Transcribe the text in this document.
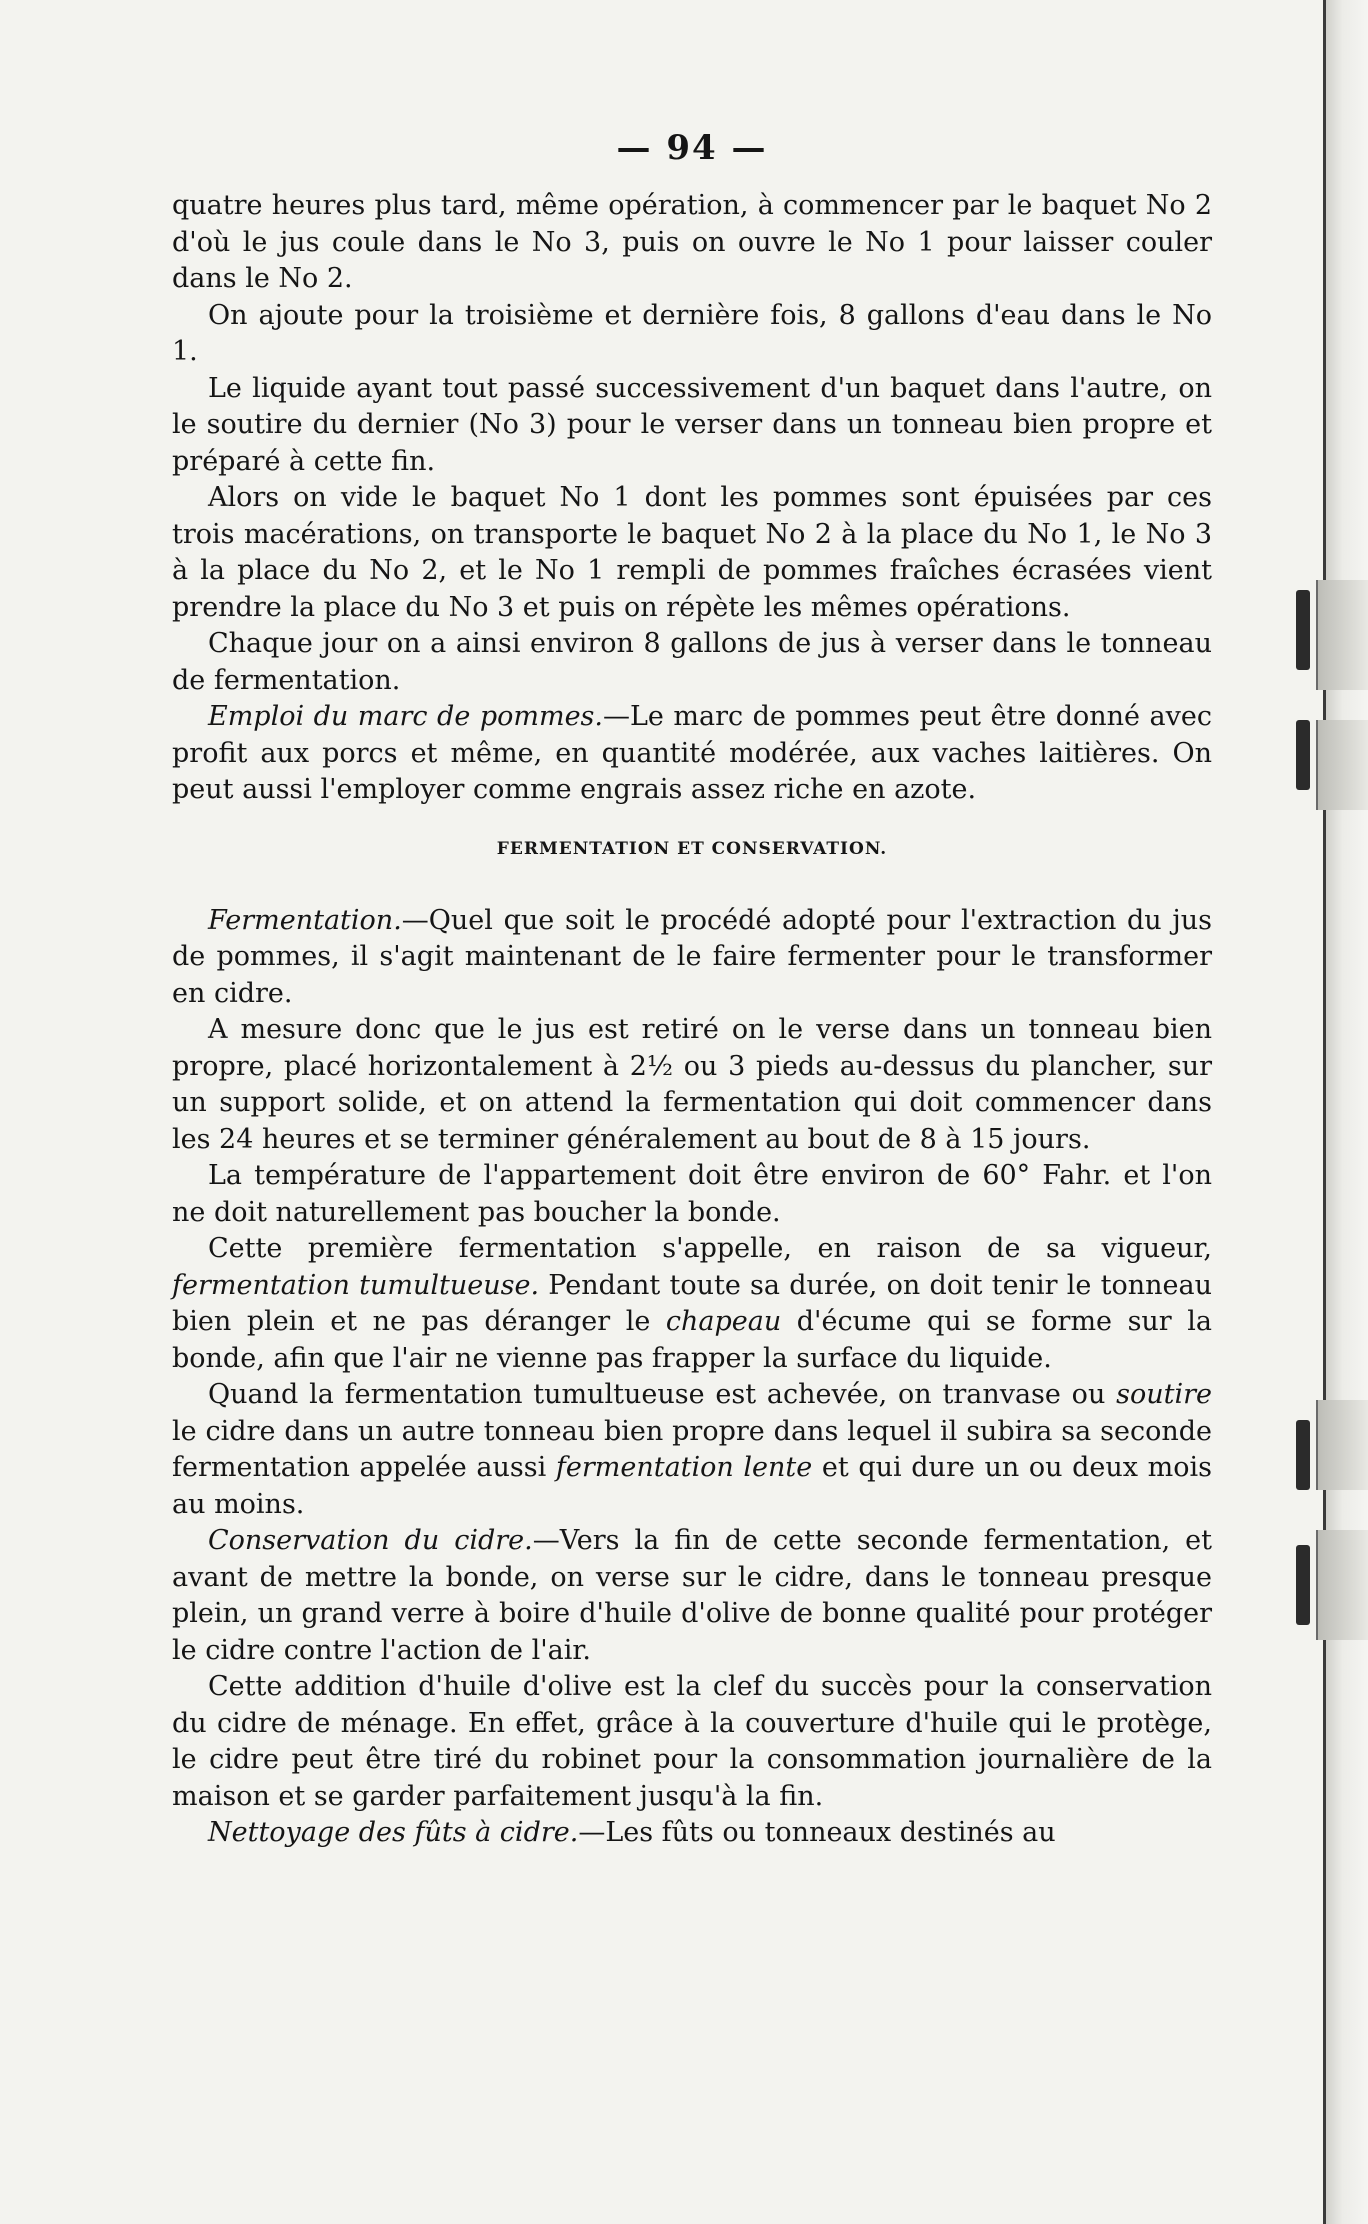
— 94 —

quatre heures plus tard, même opération, à commencer par le baquet No 2 d'où le jus coule dans le No 3, puis on ouvre le No 1 pour laisser couler dans le No 2.

On ajoute pour la troisième et dernière fois, 8 gallons d'eau dans le No 1.

Le liquide ayant tout passé successivement d'un baquet dans l'autre, on le soutire du dernier (No 3) pour le verser dans un tonneau bien propre et préparé à cette fin.

Alors on vide le baquet No 1 dont les pommes sont épuisées par ces trois macérations, on transporte le baquet No 2 à la place du No 1, le No 3 à la place du No 2, et le No 1 rempli de pommes fraîches écrasées vient prendre la place du No 3 et puis on répète les mêmes opérations.

Chaque jour on a ainsi environ 8 gallons de jus à verser dans le tonneau de fermentation.

Emploi du marc de pommes.—Le marc de pommes peut être donné avec profit aux porcs et même, en quantité modérée, aux vaches laitières. On peut aussi l'employer comme engrais assez riche en azote.

FERMENTATION ET CONSERVATION.

Fermentation.—Quel que soit le procédé adopté pour l'extraction du jus de pommes, il s'agit maintenant de le faire fermenter pour le transformer en cidre.

A mesure donc que le jus est retiré on le verse dans un tonneau bien propre, placé horizontalement à 2½ ou 3 pieds au-dessus du plancher, sur un support solide, et on attend la fermentation qui doit commencer dans les 24 heures et se terminer généralement au bout de 8 à 15 jours.

La température de l'appartement doit être environ de 60° Fahr. et l'on ne doit naturellement pas boucher la bonde.

Cette première fermentation s'appelle, en raison de sa vigueur, fermentation tumultueuse. Pendant toute sa durée, on doit tenir le tonneau bien plein et ne pas déranger le chapeau d'écume qui se forme sur la bonde, afin que l'air ne vienne pas frapper la surface du liquide.

Quand la fermentation tumultueuse est achevée, on tranvase ou soutire le cidre dans un autre tonneau bien propre dans lequel il subira sa seconde fermentation appelée aussi fermentation lente et qui dure un ou deux mois au moins.

Conservation du cidre.—Vers la fin de cette seconde fermentation, et avant de mettre la bonde, on verse sur le cidre, dans le tonneau presque plein, un grand verre à boire d'huile d'olive de bonne qualité pour protéger le cidre contre l'action de l'air.

Cette addition d'huile d'olive est la clef du succès pour la conservation du cidre de ménage. En effet, grâce à la couverture d'huile qui le protège, le cidre peut être tiré du robinet pour la consommation journalière de la maison et se garder parfaitement jusqu'à la fin.

Nettoyage des fûts à cidre.—Les fûts ou tonneaux destinés au
